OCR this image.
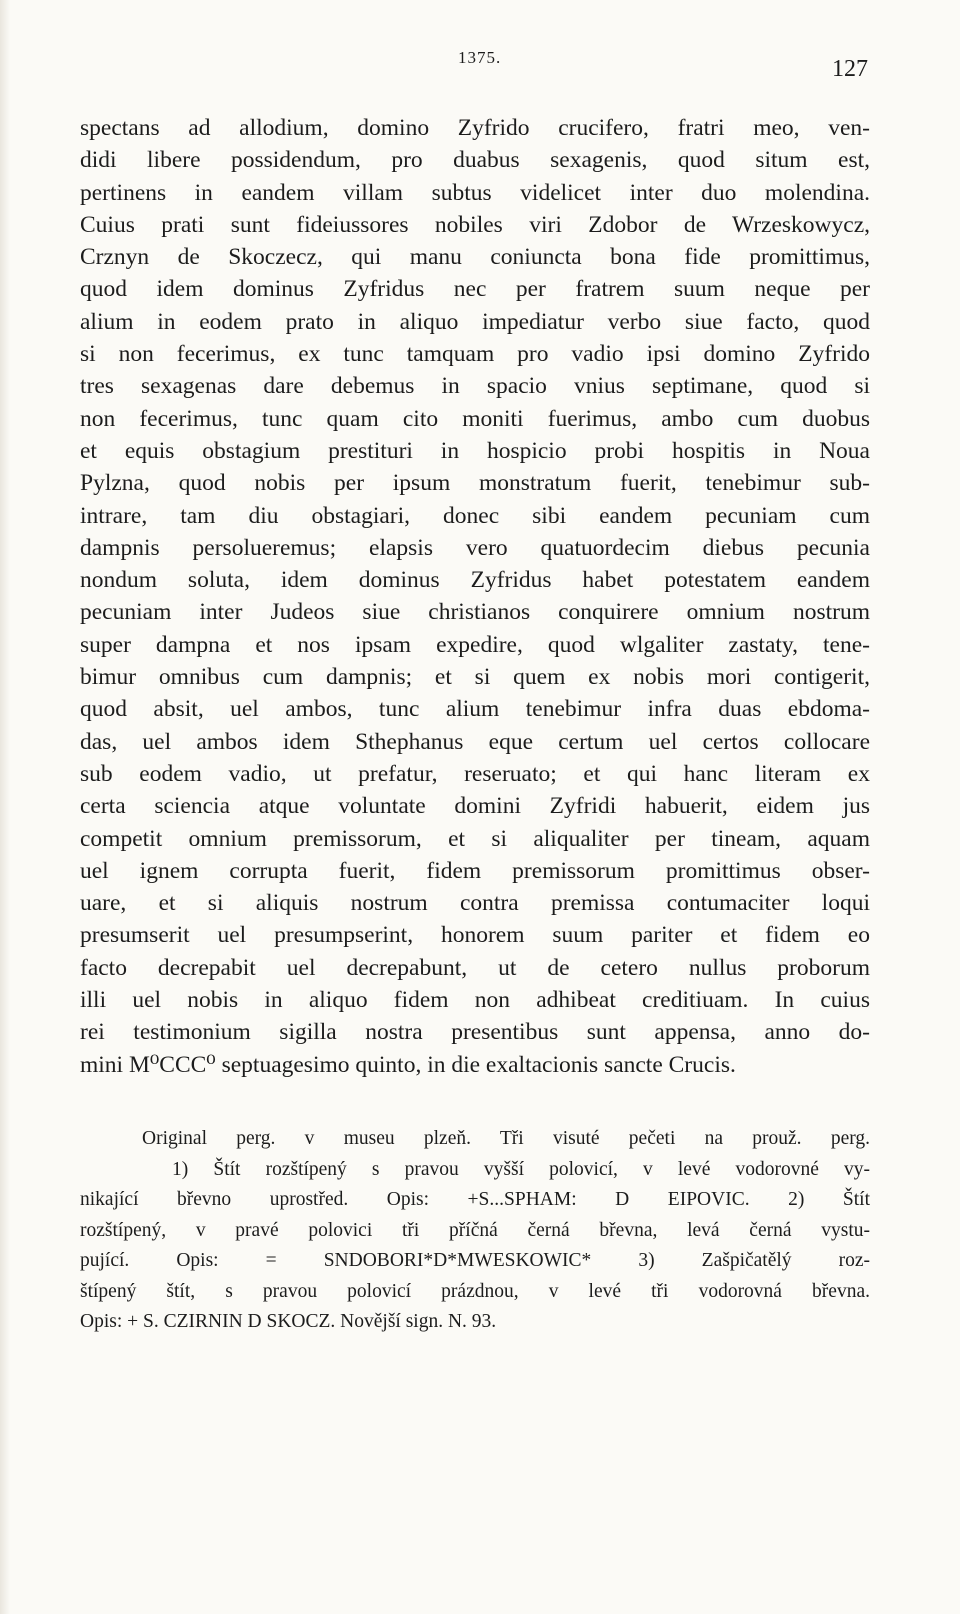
1375.	127
spectans ad allodium, domino Zyfrido crucifero, fratri meo, ven-
didi libere possidendum, pro duabus sexagenis, quod situm est,
pertinens in eandem villam subtus videlicet inter duo molendina.
Cuius prati sunt fideiussores nobiles viri Zdobor de Wrzeskowycz,
Crznyn de Skoczecz, qui manu coniuncta bona fide promittimus,
quod idem dominus Zyfridus nec per fratrem suum neque per
alium in eodem prato in aliquo impediatur verbo siue facto, quod
si non fecerimus, ex tunc tamquam pro vadio ipsi domino Zyfrido
tres sexagenas dare debemus in spacio vnius septimane, quod si
non fecerimus, tunc quam cito moniti fuerimus, ambo cum duobus
et equis obstagium prestituri in hospicio probi hospitis in Noua
Pylzna, quod nobis per ipsum monstratum fuerit, tenebimur sub-
intrare, tam diu obstagiari, donec sibi eandem pecuniam cum
dampnis persolueremus; elapsis vero quatuordecim diebus pecunia
nondum soluta, idem dominus Zyfridus habet potestatem eandem
pecuniam inter Judeos siue christianos conquirere omnium nostrum
super dampna et nos ipsam expedire, quod wlgaliter zastaty, tene-
bimur omnibus cum dampnis; et si quem ex nobis mori contigerit,
quod absit, uel ambos, tunc alium tenebimur infra duas ebdoma-
das, uel ambos idem Sthephanus eque certum uel certos collocare
sub eodem vadio, ut prefatur, reseruato; et qui hanc literam ex
certa sciencia atque voluntate domini Zyfridi habuerit, eidem jus
competit omnium premissorum, et si aliqualiter per tineam, aquam
uel ignem corrupta fuerit, fidem premissorum promittimus obser-
uare, et si aliquis nostrum contra premissa contumaciter loqui
presumserit uel presumpserint, honorem suum pariter et fidem eo
facto decrepabit uel decrepabunt, ut de cetero nullus proborum
illi uel nobis in aliquo fidem non adhibeat creditiuam. In cuius
rei testimonium sigilla nostra presentibus sunt appensa, anno do-
mini M⁰CCC⁰ septuagesimo quinto, in die exaltacionis sancte Crucis.
Original perg. v museu plzeň. Tři visuté pečeti na prouž. perg.
1) Štít rozštípený s pravou vyšší polovicí, v levé vodorovné vy-
nikající břevno uprostřed. Opis: +S...SPHAM: D EIPOVIC. 2) Štít
rozštípený, v pravé polovici tři příčná černá břevna, levá černá vystu-
pující. Opis: = SNDOBORI*D*MWESKOWIC* 3) Zašpičatělý roz-
štípený štít, s pravou polovicí prázdnou, v levé tři vodorovná břevna.
Opis: + S. CZIRNIN D SKOCZ. Novější sign. N. 93.
